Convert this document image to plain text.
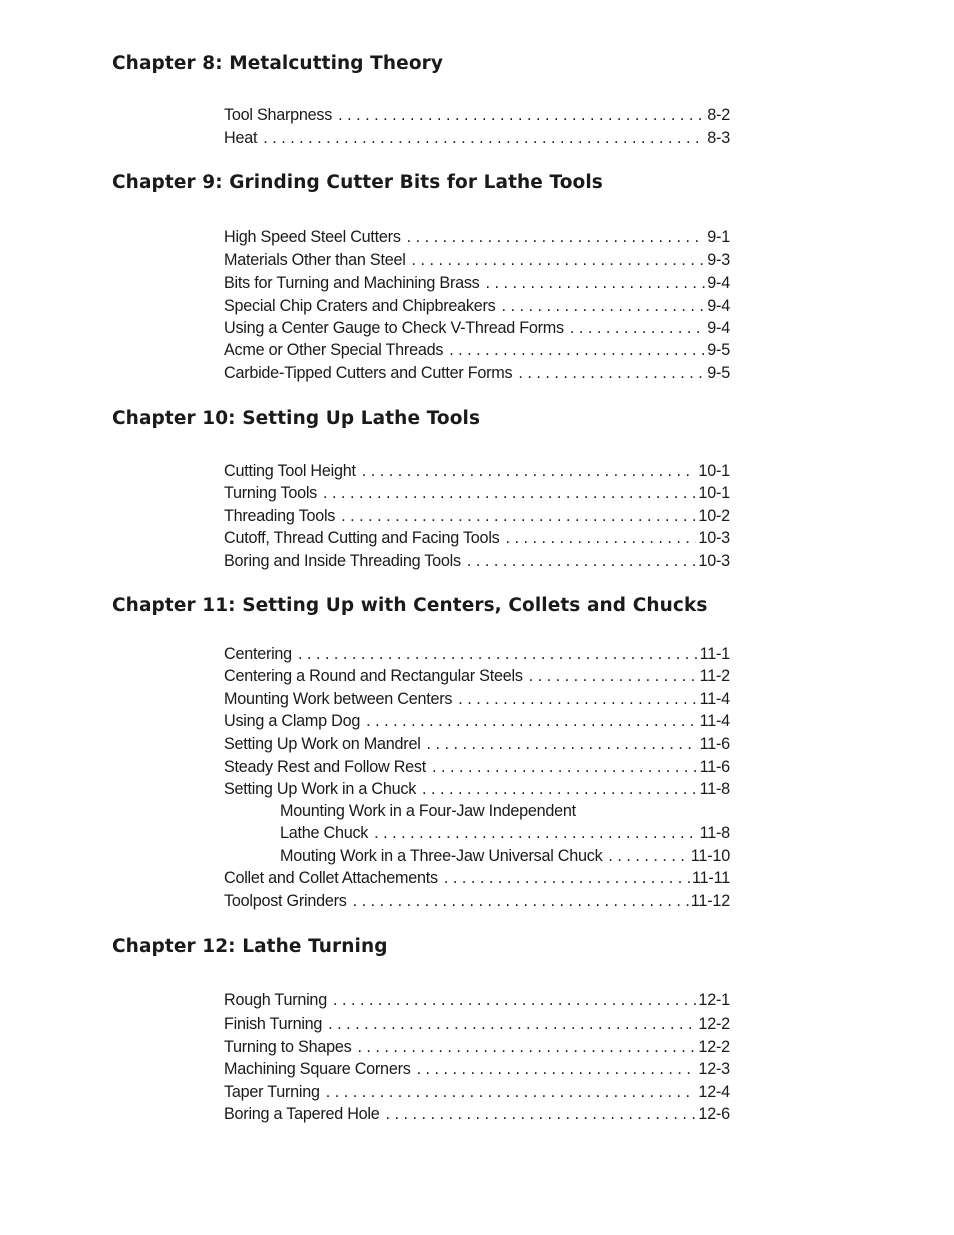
Chapter 8: Metalcutting Theory
Tool Sharpness . . .	8-2
Heat . . .	8-3
Chapter 9: Grinding Cutter Bits for Lathe Tools
High Speed Steel Cutters . . .	9-1
Materials Other than Steel . . .	9-3
Bits for Turning and Machining Brass . . .	9-4
Special Chip Craters and Chipbreakers . . .	9-4
Using a Center Gauge to Check V-Thread Forms . . .	9-4
Acme or Other Special Threads . . .	9-5
Carbide-Tipped Cutters and Cutter Forms . . .	9-5
Chapter 10: Setting Up Lathe Tools
Cutting Tool Height . . .	10-1
Turning Tools . . .	10-1
Threading Tools . . .	10-2
Cutoff, Thread Cutting and Facing Tools . . .	10-3
Boring and Inside Threading Tools . . .	10-3
Chapter 11: Setting Up with Centers, Collets and Chucks
Centering . . .	11-1
Centering a Round and Rectangular Steels . . .	11-2
Mounting Work between Centers . . .	11-4
Using a Clamp Dog . . .	11-4
Setting Up Work on Mandrel . . .	11-6
Steady Rest and Follow Rest . . .	11-6
Setting Up Work in a Chuck . . .	11-8
Mounting Work in a Four-Jaw Independent
Lathe Chuck . . .	11-8
Mouting Work in a Three-Jaw Universal Chuck . . .	11-10
Collet and Collet Attachements . . .	11-11
Toolpost Grinders . . .	11-12
Chapter 12: Lathe Turning
Rough Turning . . .	12-1
Finish Turning . . .	12-2
Turning to Shapes . . .	12-2
Machining Square Corners . . .	12-3
Taper Turning . . .	12-4
Boring a Tapered Hole . . .	12-6
